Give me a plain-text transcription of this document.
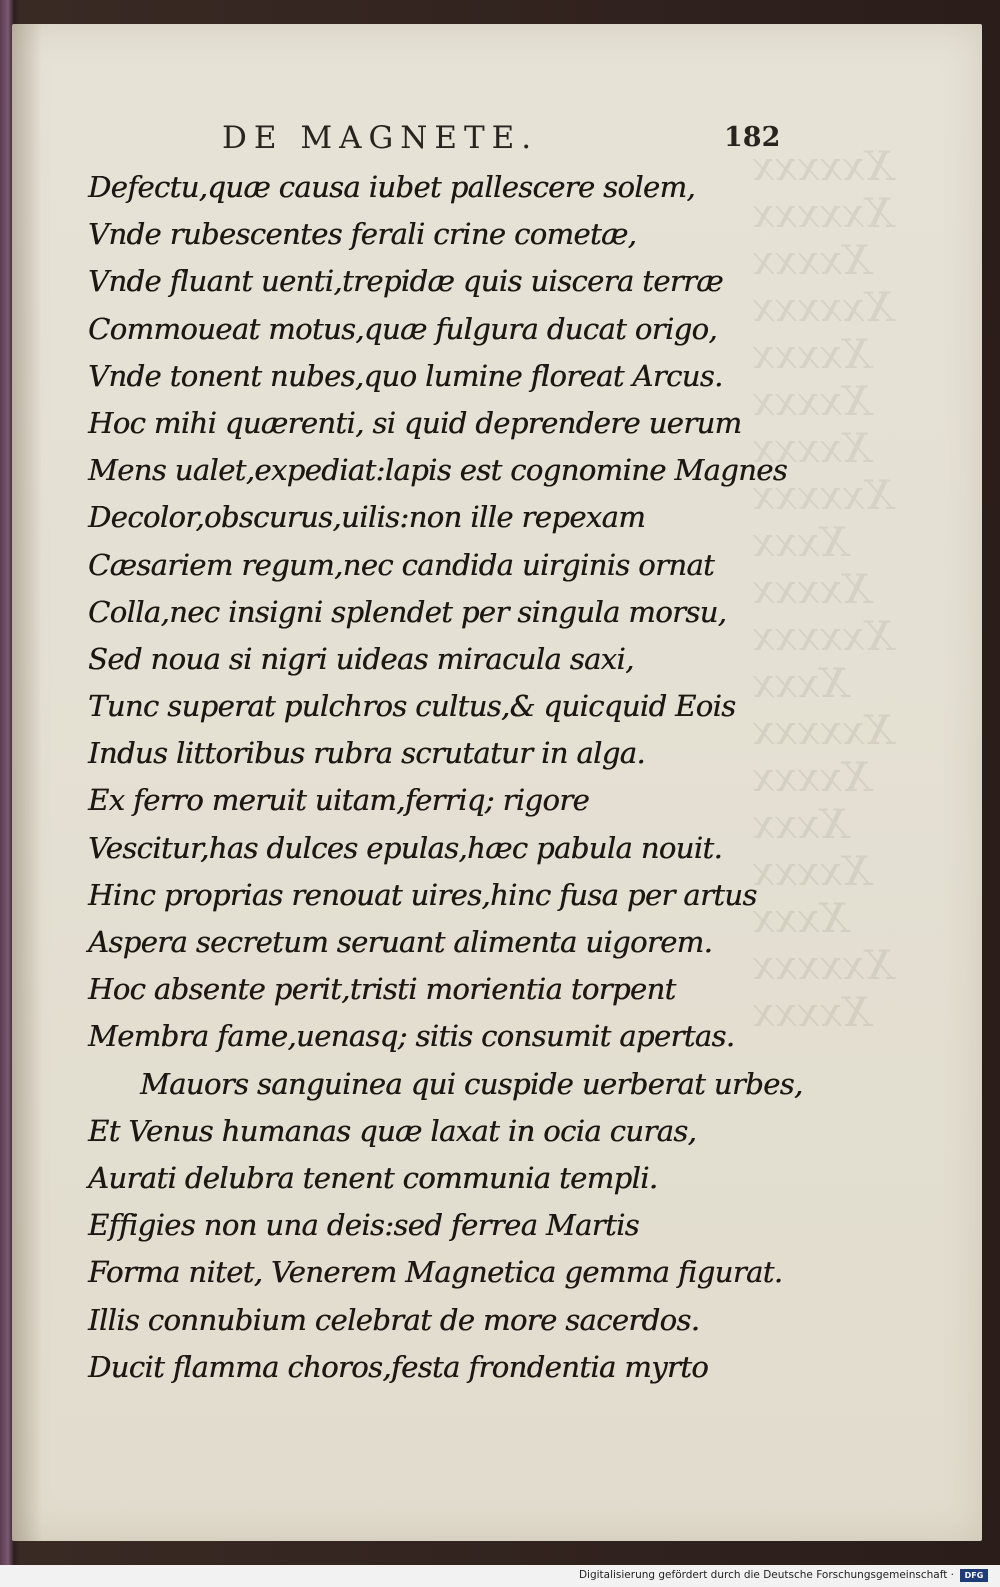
Xxxxxx
Xxxxxx
Xxxxx
Xxxxxx
Xxxxx
Xxxxx
Xxxxx
Xxxxxx
Xxxx
Xxxxx
Xxxxxx
Xxxx
Xxxxxx
Xxxxx
Xxxx
Xxxxx
Xxxx
Xxxxxx
Xxxxx
DE MAGNETE.	182
Defectu,quæ causa iubet pallescere solem,
Vnde rubescentes ferali crine cometæ,
Vnde fluant uenti,trepidæ quis uiscera terræ
Commoueat motus,quæ fulgura ducat origo,
Vnde tonent nubes,quo lumine floreat Arcus.
Hoc mihi quærenti, si quid deprendere uerum
Mens ualet,expediat:lapis est cognomine Magnes
Decolor,obscurus,uilis:non ille repexam
Cæsariem regum,nec candida uirginis ornat
Colla,nec insigni splendet per singula morsu,
Sed noua si nigri uideas miracula saxi,
Tunc superat pulchros cultus,& quicquid Eois
Indus littoribus rubra scrutatur in alga.
Ex ferro meruit uitam,ferriq; rigore
Vescitur,has dulces epulas,hæc pabula nouit.
Hinc proprias renouat uires,hinc fusa per artus
Aspera secretum seruant alimenta uigorem.
Hoc absente perit,tristi morientia torpent
Membra fame,uenasq; sitis consumit apertas.
Mauors sanguinea qui cuspide uerberat urbes,
Et Venus humanas quæ laxat in ocia curas,
Aurati delubra tenent communia templi.
Effigies non una deis:sed ferrea Martis
Forma nitet, Venerem Magnetica gemma figurat.
Illis connubium celebrat de more sacerdos.
Ducit flamma choros,festa frondentia myrto
Digitalisierung gefördert durch die Deutsche Forschungsgemeinschaft ·	DFG
